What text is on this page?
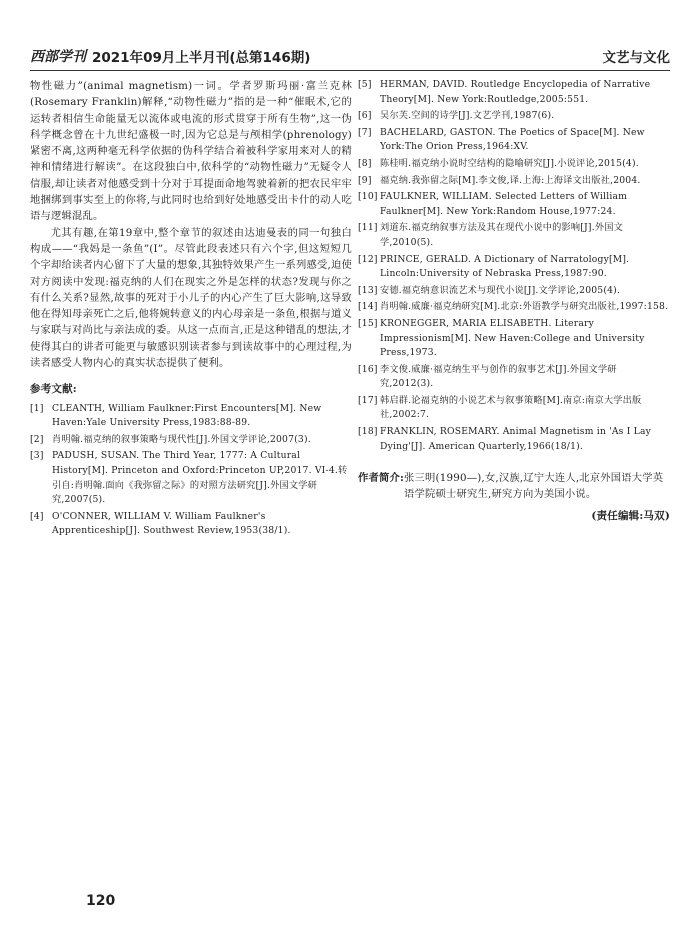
西部学刊 2021年09月上半月刊(总第146期)	文艺与文化

物性磁力”(animal magnetism)一词。学者罗斯玛丽·富兰克林(Rosemary Franklin)解释,“动物性磁力”指的是一种“催眠术,它的运转者相信生命能量无以流体或电流的形式贯穿于所有生物”,这一伪科学概念曾在十九世纪盛极一时,因为它总是与颅相学(phrenology)紧密不离,这两种毫无科学依据的伪科学结合着被科学家用来对人的精神和情绪进行解读”。在这段独白中,依科学的“动物性磁力”无疑令人信服,却让读者对他感受到十分对于耳提面命地驾驶着新的把农民牢牢地捆绑到事实至上的你将,与此同时也给到好处地感受出卡什的动人吃语与逻辑混乱。

尤其有趣,在第19章中,整个章节的叙述由达迪曼表的同一句独白构成——“我妈是一条鱼”(I”。尽管此段表述只有六个字,但这短短几个字却给读者内心留下了大量的想象,其独特效果产生一系列感受,迫使对方阅读中发现:福克纳的人们在现实之外是怎样的状态?发现与你之有什么关系?显然,故事的死对于小儿子的内心产生了巨大影响,这导致他在得知母亲死亡之后,他将婉转意义的内心母亲是一条鱼,根据与道义与家联与对尚比与亲法成的委。从这一点而言,正是这种错乱的想法,才使得其白的讲者可能更与敏感识别读者参与到读故事中的心理过程,为读者感受人物内心的真实状态提供了便利。

参考文献:
[1] CLEANTH, William Faulkner:First Encounters[M]. New Haven:Yale University Press,1983:88-89.
[2] 肖明翰.福克纳的叙事策略与现代性[J].外国文学评论,2007(3).
[3] PADUSH, SUSAN. The Third Year, 1777: A Cultural History[M]. Princeton and Oxford:Princeton UP,2017. VI-4.转引自:肖明翰.面向《我弥留之际》的对照方法研究[J].外国文学研究,2007(5).
[4] O'CONNER, WILLIAM V. William Faulkner's Apprenticeship[J]. Southwest Review,1953(38/1).
[5] HERMAN, DAVID. Routledge Encyclopedia of Narrative Theory[M]. New York:Routledge,2005:551.
[6] 吴尔芙.空间的诗学[J].文艺学刊,1987(6).
[7] BACHELARD, GASTON. The Poetics of Space[M]. New York:The Orion Press,1964:XV.
[8] 陈桂明.福克纳小说时空结构的隐喻研究[J].小说评论,2015(4).
[9] 福克纳.我弥留之际[M].李文俊,译.上海:上海译文出版社,2004.
[10] FAULKNER, WILLIAM. Selected Letters of William Faulkner[M]. New York:Random House,1977:24.
[11] 刘道东.福克纳叙事方法及其在现代小说中的影响[J].外国文学,2010(5).
[12] PRINCE, GERALD. A Dictionary of Narratology[M]. Lincoln:University of Nebraska Press,1987:90.
[13] 安德.福克纳意识流艺术与现代小说[J].文学评论,2005(4).
[14] 肖明翰.威廉·福克纳研究[M].北京:外语教学与研究出版社,1997:158.
[15] KRONEGGER, MARIA ELISABETH. Literary Impressionism[M]. New Haven:College and University Press,1973.
[16] 李文俊.威廉·福克纳生平与创作的叙事艺术[J].外国文学研究,2012(3).
[17] 韩启群.论福克纳的小说艺术与叙事策略[M].南京:南京大学出版社,2002:7.
[18] FRANKLIN, ROSEMARY. Animal Magnetism in 'As I Lay Dying'[J]. American Quarterly,1966(18/1).
作者简介: 张三明(1990—),女,汉族,辽宁大连人,北京外国语大学英语学院硕士研究生,研究方向为美国小说。
(责任编辑:马双)
120
